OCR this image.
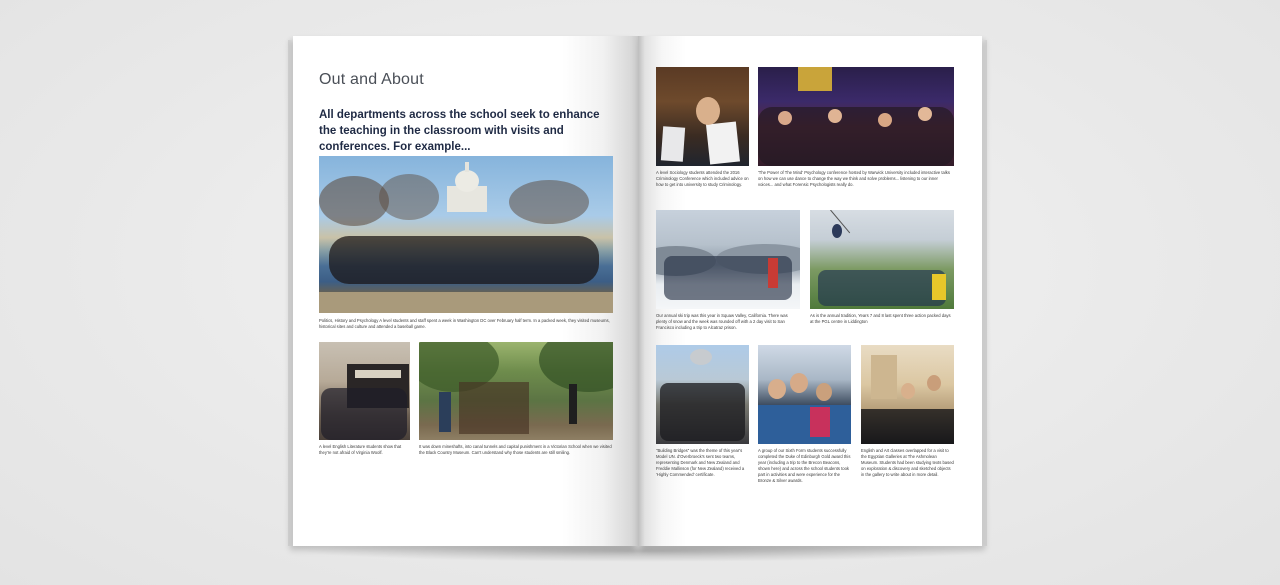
Out and About
All departments across the school seek to enhance the teaching in the classroom with visits and conferences. For example...
Politics, History and Psychology A level students and staff spent a week in Washington DC over February half term. In a packed week, they visited museums, historical sites and culture and attended a baseball game.
A level English Literature students show that they're not afraid of Virginia Woolf.
It was down mineshafts, into canal tunnels and capital punishment in a Victorian School when we visited the Black Country Museum. Can't understand why those students are still smiling.
A level Sociology students attended the 2016 Criminology Conference which included advice on how to get into university to study Criminology.
'The Power of The Mind' Psychology conference hosted by Warwick University included interactive talks on how we can use dance to change the way we think and solve problems... listening to our inner voices... and what Forensic Psychologists really do.
Our annual ski trip was this year in Squaw Valley, California. There was plenty of snow and the week was rounded off with a 2 day visit to San Francisco including a trip to Alcatraz prison.
As is the annual tradition, Years 7 and 8 last spent three action packed days at the PGL centre in Liddington
"Building Bridges" was the theme of this year's Model UN. d'Overbroeck's sent two teams, representing Denmark and New Zealand and Freddie Mallinson (for New Zealand) received a 'Highly Commended' certificate.
A group of our Sixth Form students successfully completed the Duke of Edinburgh Gold award this year (including a trip to the Brecon Beacons, shown here) and across the school students took part in activities and were experience for the Bronze & Silver awards.
English and Art classes overlapped for a visit to the Egyptian Galleries at The Ashmolean Museum. Students had been studying texts based on exploration & discovery and sketched objects in the gallery to write about in more detail.
